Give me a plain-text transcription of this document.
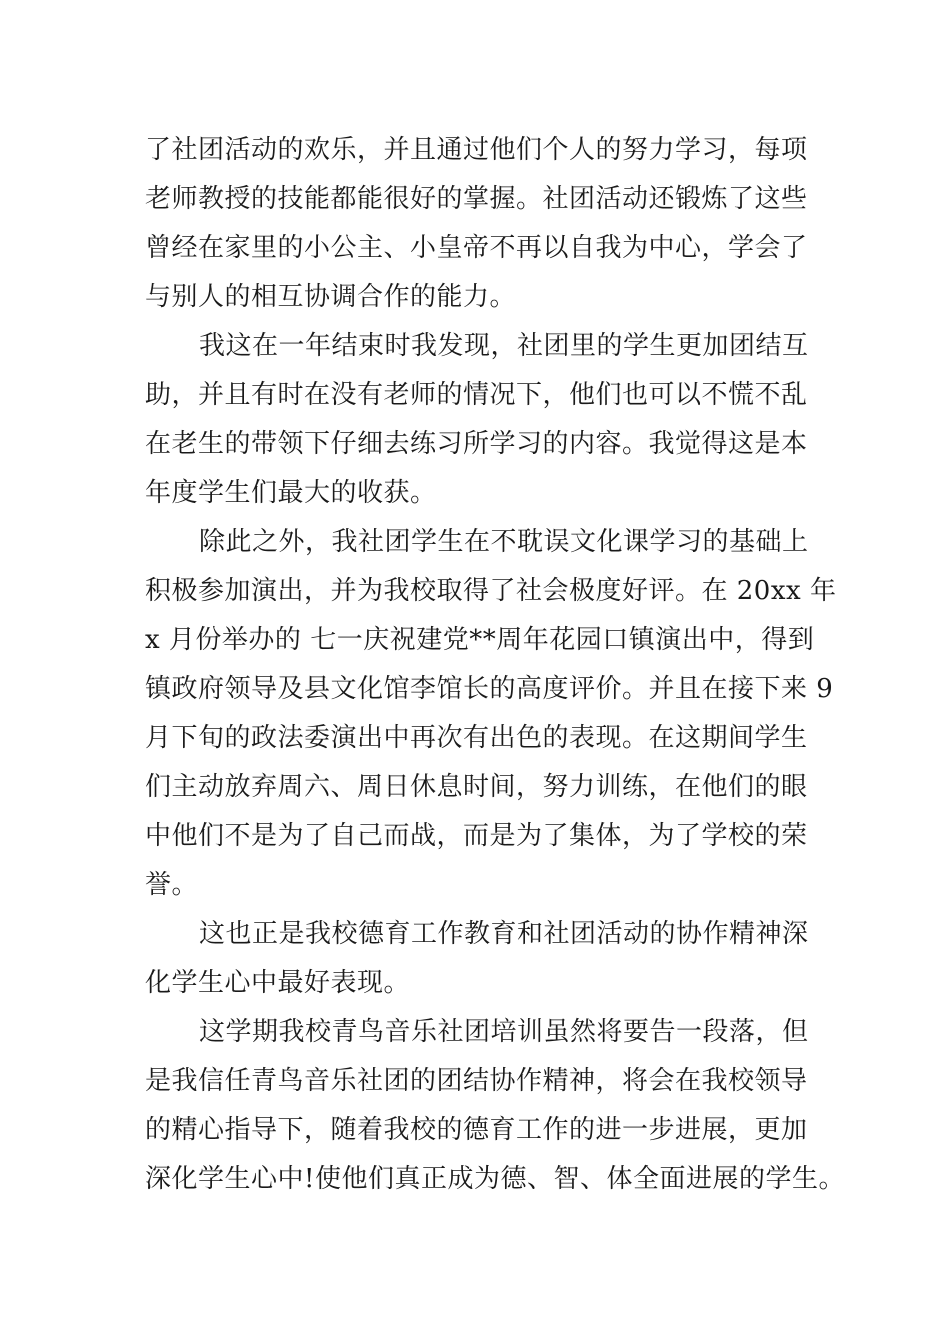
了社团活动的欢乐，并且通过他们个人的努力学习，每项
老师教授的技能都能很好的掌握。社团活动还锻炼了这些
曾经在家里的小公主、小皇帝不再以自我为中心，学会了
与别人的相互协调合作的能力。
我这在一年结束时我发现，社团里的学生更加团结互
助，并且有时在没有老师的情况下，他们也可以不慌不乱
在老生的带领下仔细去练习所学习的内容。我觉得这是本
年度学生们最大的收获。
除此之外，我社团学生在不耽误文化课学习的基础上
积极参加演出，并为我校取得了社会极度好评。在 20xx 年
x 月份举办的 七一庆祝建党**周年花园口镇演出中，得到
镇政府领导及县文化馆李馆长的高度评价。并且在接下来 9
月下旬的政法委演出中再次有出色的表现。在这期间学生
们主动放弃周六、周日休息时间，努力训练，在他们的眼
中他们不是为了自己而战，而是为了集体，为了学校的荣
誉。
这也正是我校德育工作教育和社团活动的协作精神深
化学生心中最好表现。
这学期我校青鸟音乐社团培训虽然将要告一段落，但
是我信任青鸟音乐社团的团结协作精神，将会在我校领导
的精心指导下，随着我校的德育工作的进一步进展，更加
深化学生心中!使他们真正成为德、智、体全面进展的学生。
